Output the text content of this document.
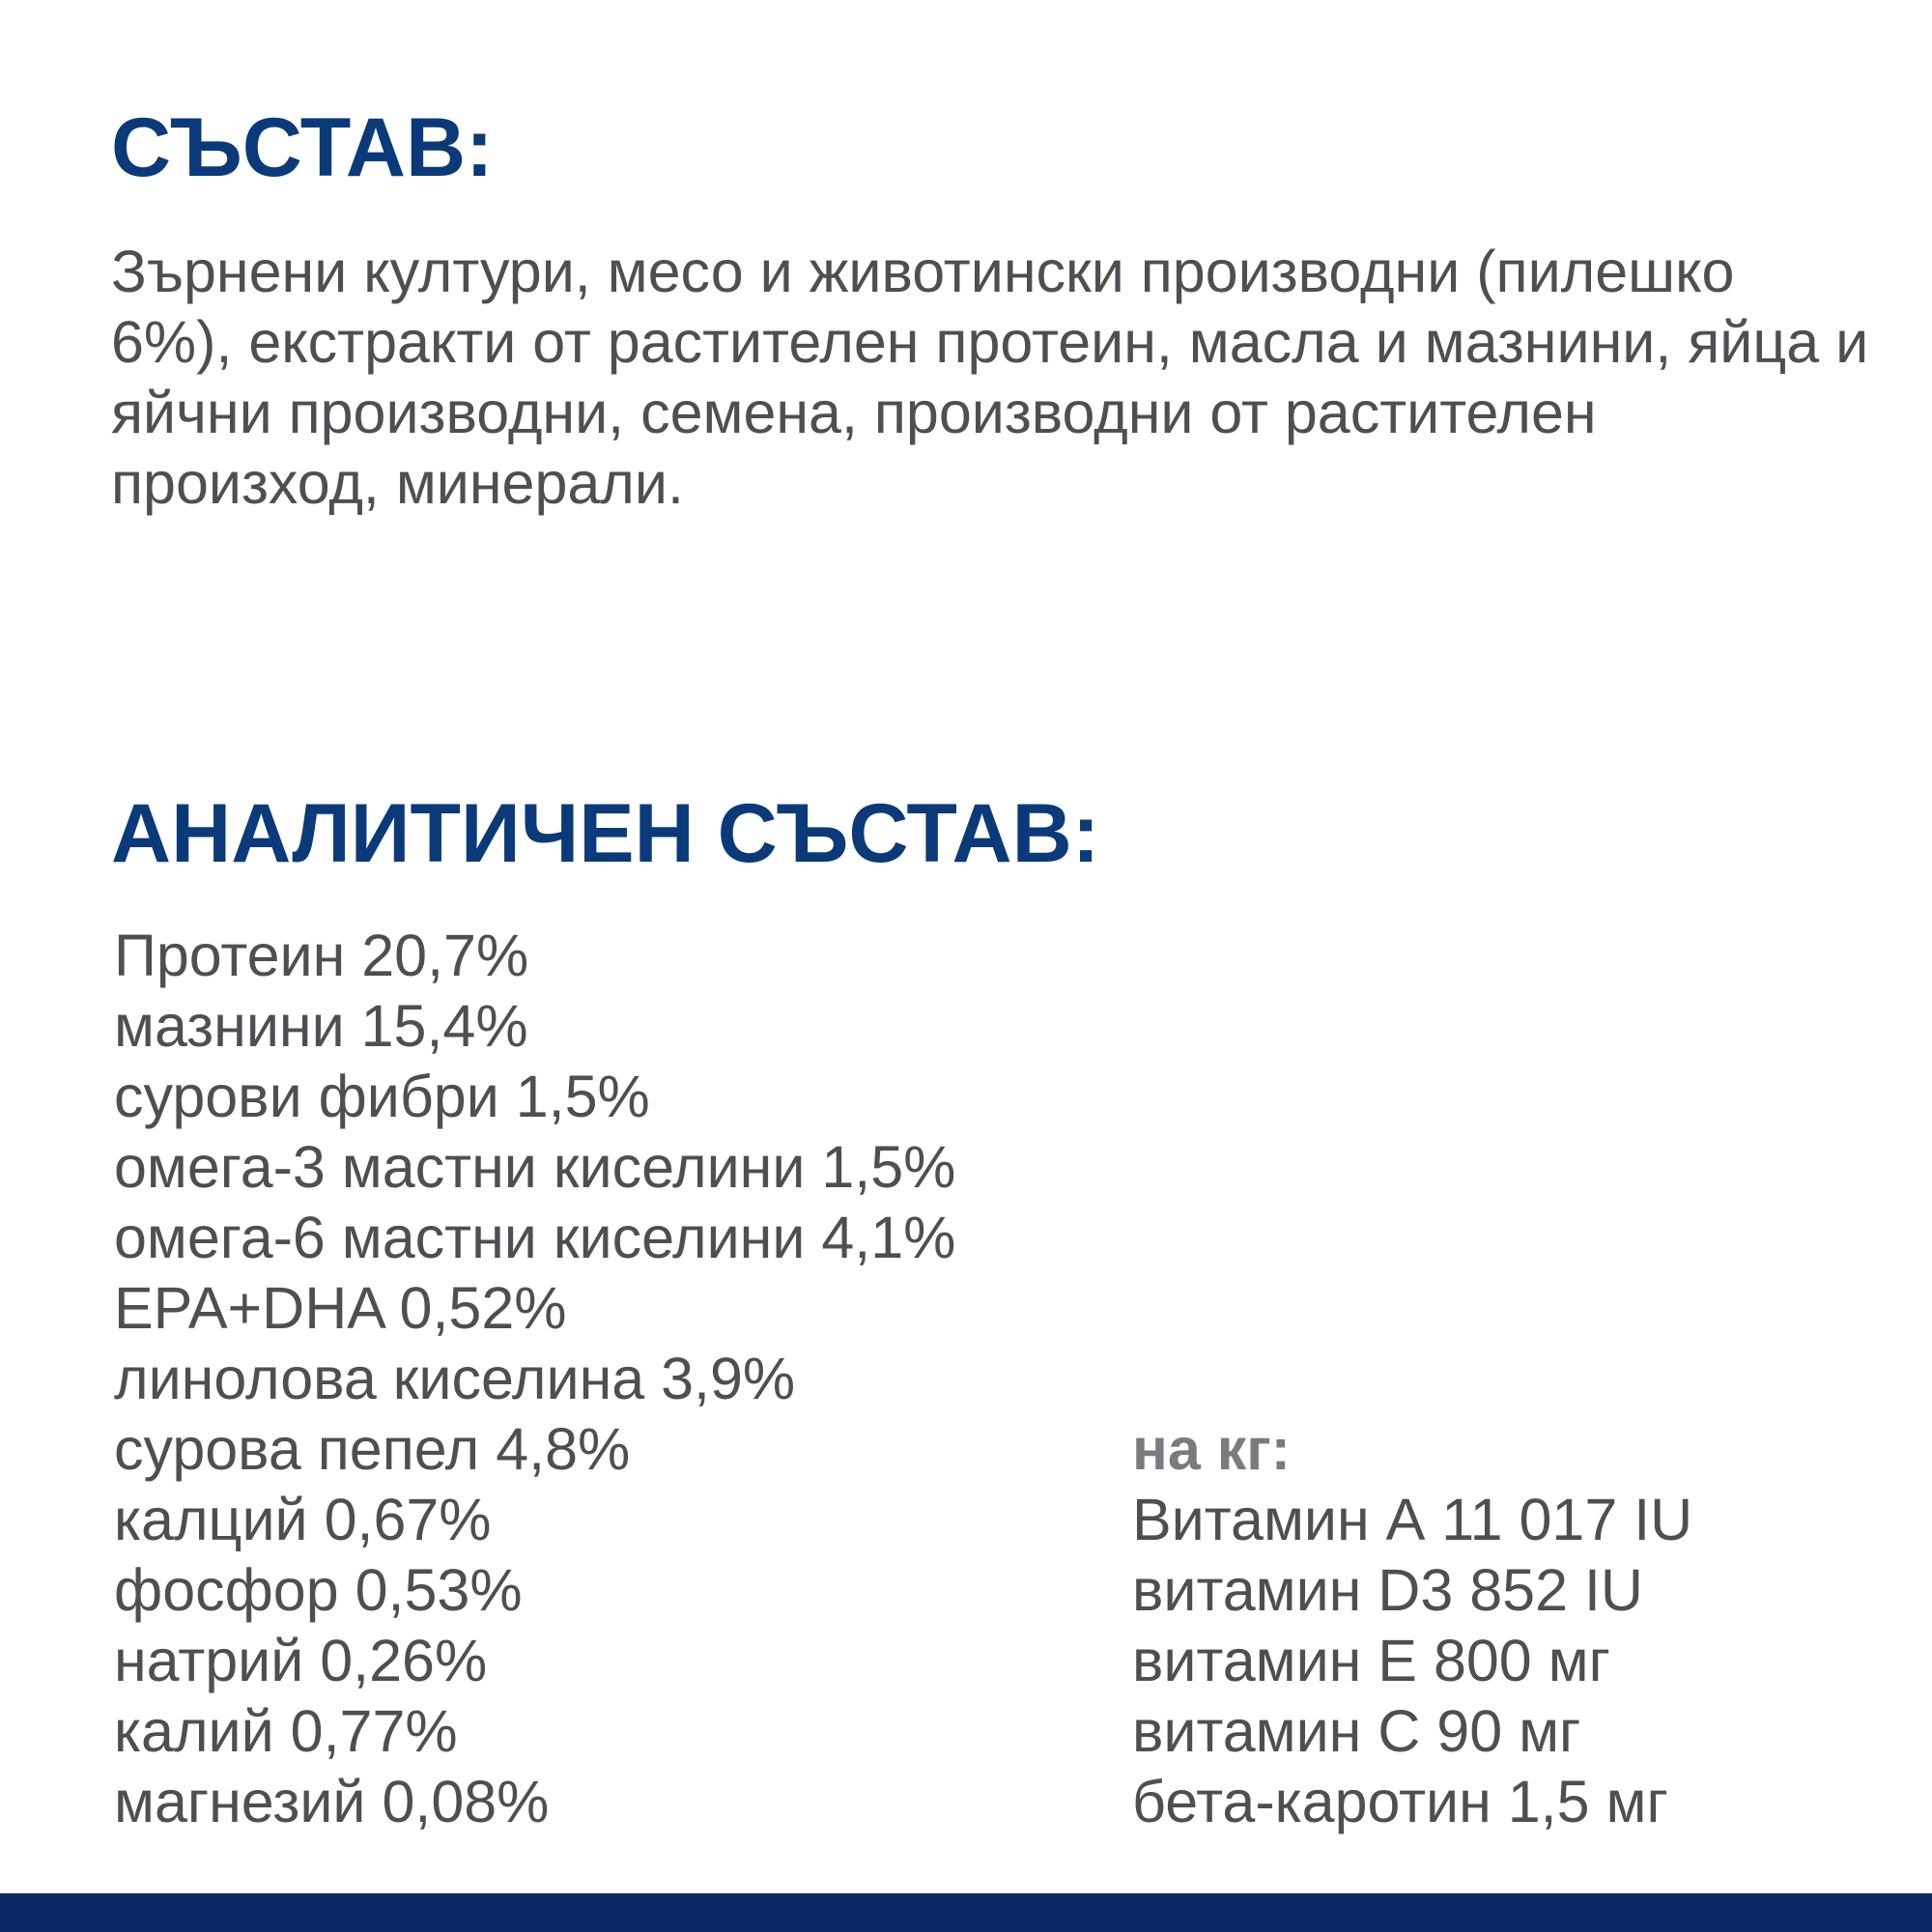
СЪСТАВ:

Зърнени култури, месо и животински производни (пилешко 6%), екстракти от растителен протеин, масла и мазнини, яйца и яйчни производни, семена, производни от растителен произход, минерали.

АНАЛИТИЧЕН СЪСТАВ:
Протеин 20,7%
мазнини 15,4%
сурови фибри 1,5%
омега-3 мастни киселини 1,5%
омега-6 мастни киселини 4,1%
EPA+DHA 0,52%
линолова киселина 3,9%
сурова пепел 4,8%
калций 0,67%
фосфор 0,53%
натрий 0,26%
калий 0,77%
магнезий 0,08%
на кг:
Витамин А 11 017 IU
витамин D3 852 IU
витамин E 800 мг
витамин C 90 мг
бета-каротин 1,5 мг
